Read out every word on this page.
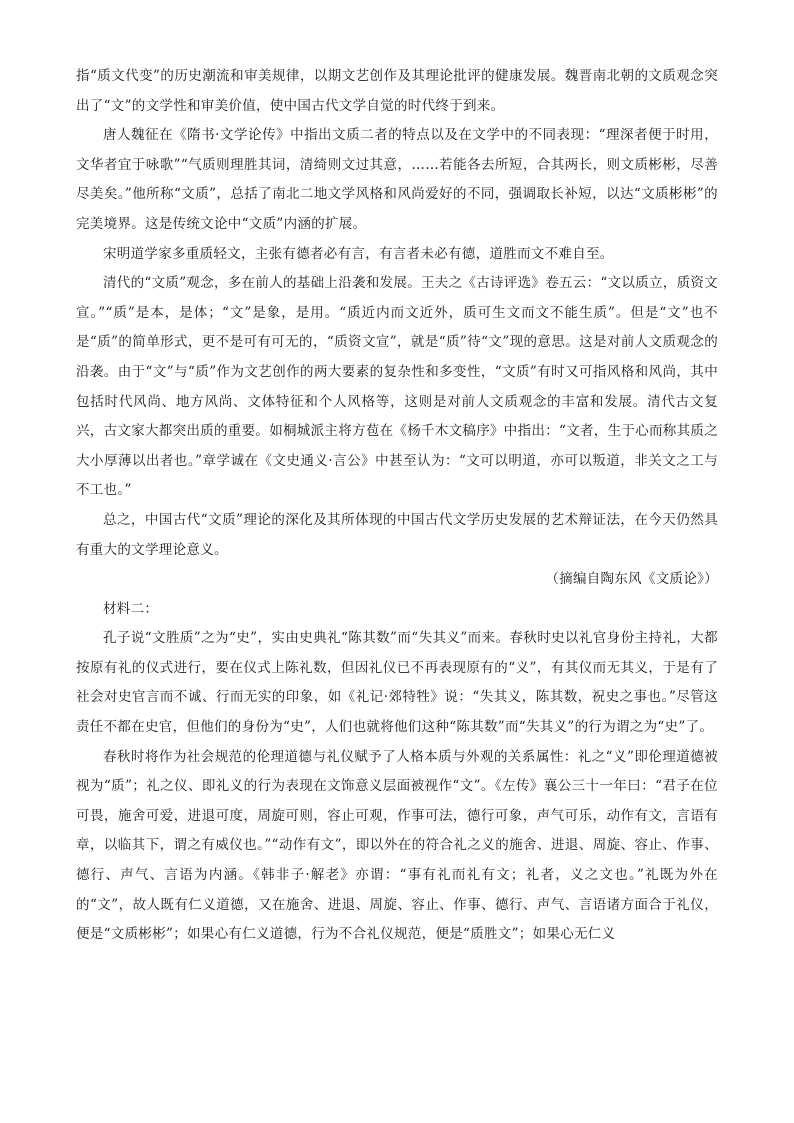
指“质文代变”的历史潮流和审美规律，以期文艺创作及其理论批评的健康发展。魏晋南北朝的文质观念突出了“文”的文学性和审美价值，使中国古代文学自觉的时代终于到来。

唐人魏征在《隋书·文学论传》中指出文质二者的特点以及在文学中的不同表现：“理深者便于时用，文华者宜于咏歌”“气质则理胜其词，清绮则文过其意，……若能各去所短，合其两长，则文质彬彬，尽善尽美矣。”他所称“文质”，总括了南北二地文学风格和风尚爱好的不同，强调取长补短，以达“文质彬彬”的完美境界。这是传统文论中“文质”内涵的扩展。

宋明道学家多重质轻文，主张有德者必有言，有言者未必有德，道胜而文不难自至。

清代的“文质”观念，多在前人的基础上沿袭和发展。王夫之《古诗评选》卷五云：“文以质立，质资文宣。”“质”是本，是体；“文”是象，是用。“质近内而文近外，质可生文而文不能生质”。但是“文”也不是“质”的简单形式，更不是可有可无的，“质资文宣”，就是“质”待“文”现的意思。这是对前人文质观念的沿袭。由于“文”与“质”作为文艺创作的两大要素的复杂性和多变性，“文质”有时又可指风格和风尚，其中包括时代风尚、地方风尚、文体特征和个人风格等，这则是对前人文质观念的丰富和发展。清代古文复兴，古文家大都突出质的重要。如桐城派主将方苞在《杨千木文稿序》中指出：“文者，生于心而称其质之大小厚薄以出者也。”章学诚在《文史通义·言公》中甚至认为：“文可以明道，亦可以叛道，非关文之工与不工也。”

总之，中国古代“文质”理论的深化及其所体现的中国古代文学历史发展的艺术辩证法，在今天仍然具有重大的文学理论意义。

（摘编自陶东风《文质论》）

材料二：

孔子说“文胜质”之为“史”，实由史典礼“陈其数”而“失其义”而来。春秋时史以礼官身份主持礼，大都按原有礼的仪式进行，要在仪式上陈礼数，但因礼仪已不再表现原有的“义”，有其仪而无其义，于是有了社会对史官言而不诚、行而无实的印象，如《礼记·郊特牲》说：“失其义，陈其数，祝史之事也。”尽管这责任不都在史官，但他们的身份为“史”，人们也就将他们这种“陈其数”而“失其义”的行为谓之为“史”了。

春秋时将作为社会规范的伦理道德与礼仪赋予了人格本质与外观的关系属性：礼之“义”即伦理道德被视为“质”；礼之仪、即礼义的行为表现在文饰意义层面被视作“文”。《左传》襄公三十一年曰：“君子在位可畏，施舍可爱，进退可度，周旋可则，容止可观，作事可法，德行可象，声气可乐，动作有文，言语有章，以临其下，谓之有威仪也。”“动作有文”，即以外在的符合礼之义的施舍、进退、周旋、容止、作事、德行、声气、言语为内涵。《韩非子·解老》亦谓：“事有礼而礼有文；礼者，义之文也。”礼既为外在的“文”，故人既有仁义道德，又在施舍、进退、周旋、容止、作事、德行、声气、言语诸方面合于礼仪，便是“文质彬彬”；如果心有仁义道德，行为不合礼仪规范，便是“质胜文”；如果心无仁义
